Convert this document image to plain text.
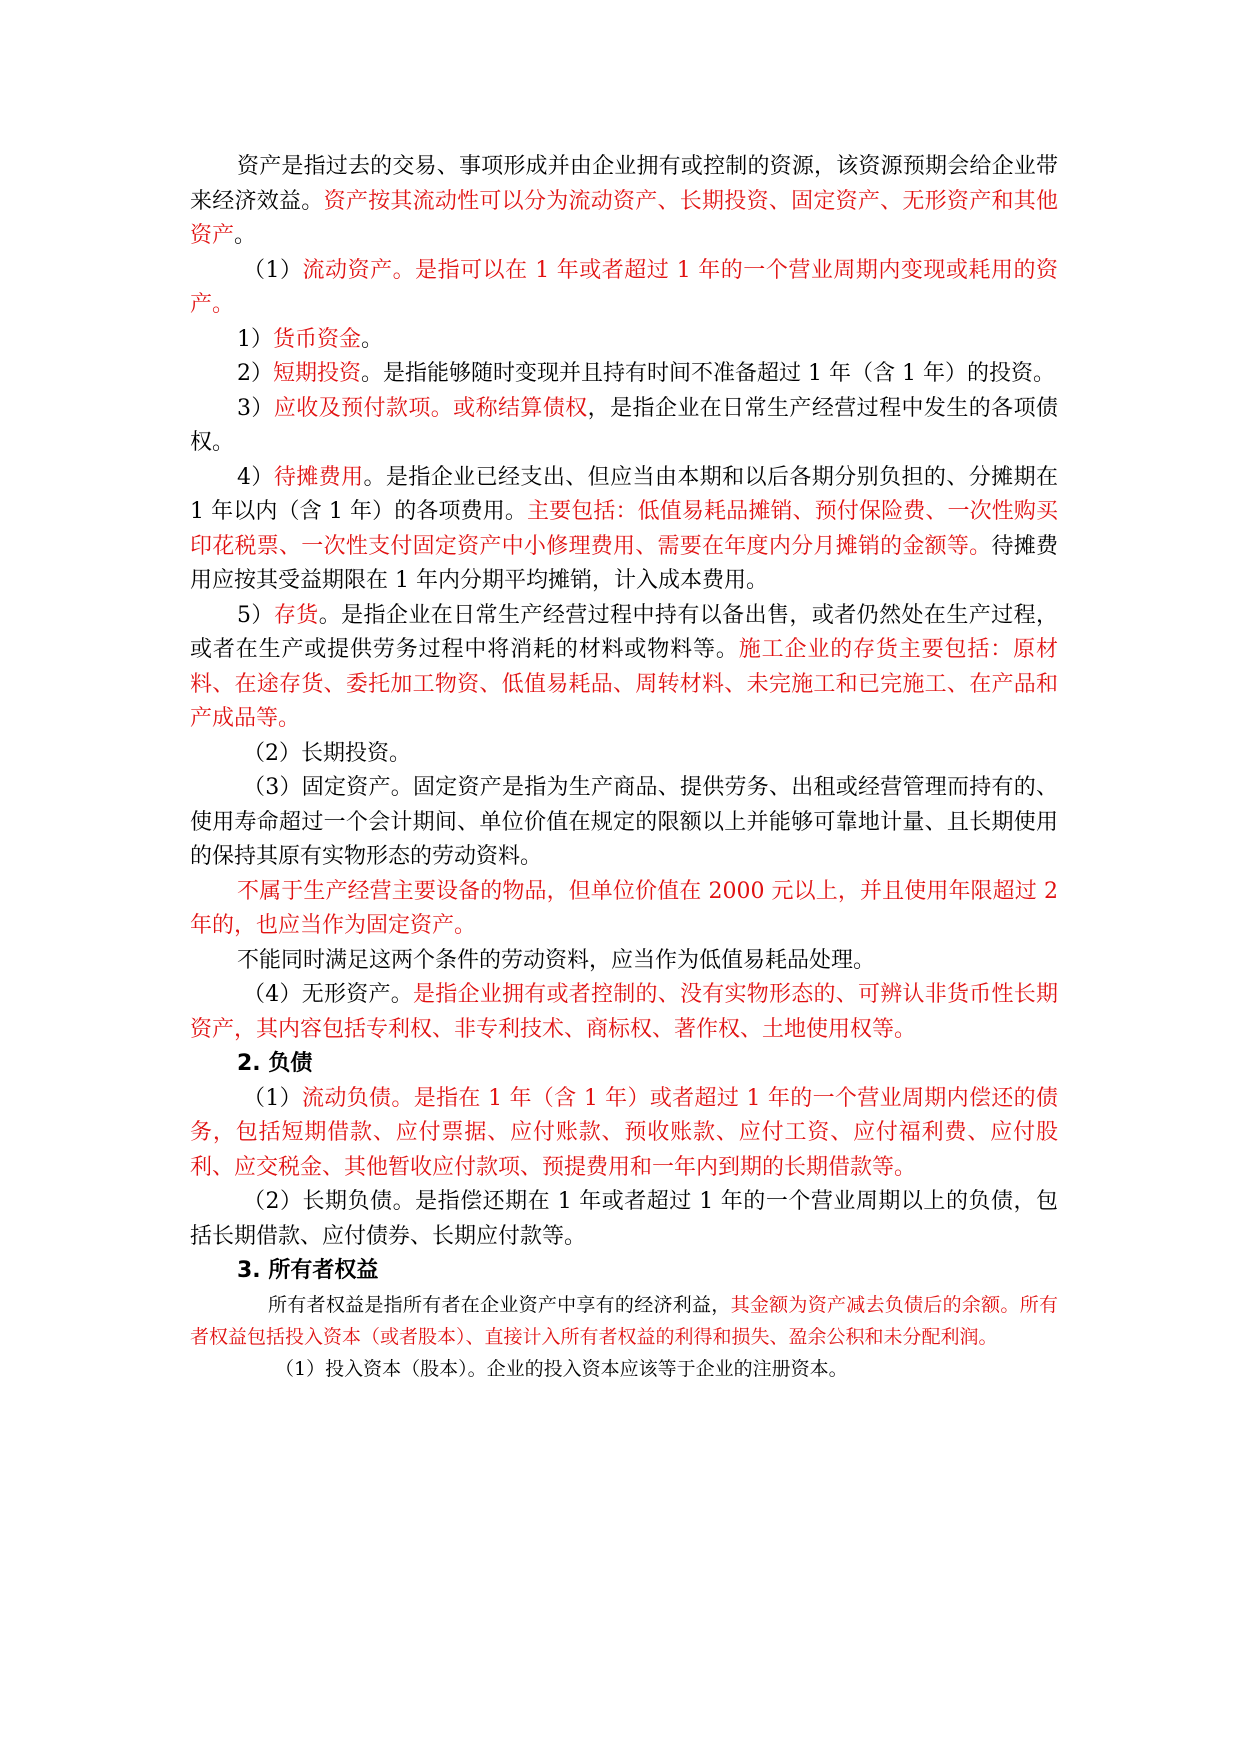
资产是指过去的交易、事项形成并由企业拥有或控制的资源，该资源预期会给企业带来经济效益。资产按其流动性可以分为流动资产、长期投资、固定资产、无形资产和其他资产。

（1）流动资产。是指可以在 1 年或者超过 1 年的一个营业周期内变现或耗用的资产。

1）货币资金。

2）短期投资。是指能够随时变现并且持有时间不准备超过 1 年（含 1 年）的投资。

3）应收及预付款项。或称结算债权，是指企业在日常生产经营过程中发生的各项债权。

4）待摊费用。是指企业已经支出、但应当由本期和以后各期分别负担的、分摊期在 1 年以内（含 1 年）的各项费用。主要包括：低值易耗品摊销、预付保险费、一次性购买印花税票、一次性支付固定资产中小修理费用、需要在年度内分月摊销的金额等。待摊费用应按其受益期限在 1 年内分期平均摊销，计入成本费用。

5）存货。是指企业在日常生产经营过程中持有以备出售，或者仍然处在生产过程，或者在生产或提供劳务过程中将消耗的材料或物料等。施工企业的存货主要包括：原材料、在途存货、委托加工物资、低值易耗品、周转材料、未完施工和已完施工、在产品和产成品等。

（2）长期投资。

（3）固定资产。固定资产是指为生产商品、提供劳务、出租或经营管理而持有的、使用寿命超过一个会计期间、单位价值在规定的限额以上并能够可靠地计量、且长期使用的保持其原有实物形态的劳动资料。

不属于生产经营主要设备的物品，但单位价值在 2000 元以上，并且使用年限超过 2 年的，也应当作为固定资产。

不能同时满足这两个条件的劳动资料，应当作为低值易耗品处理。

（4）无形资产。是指企业拥有或者控制的、没有实物形态的、可辨认非货币性长期资产，其内容包括专利权、非专利技术、商标权、著作权、土地使用权等。

2. 负债

（1）流动负债。是指在 1 年（含 1 年）或者超过 1 年的一个营业周期内偿还的债务，包括短期借款、应付票据、应付账款、预收账款、应付工资、应付福利费、应付股利、应交税金、其他暂收应付款项、预提费用和一年内到期的长期借款等。

（2）长期负债。是指偿还期在 1 年或者超过 1 年的一个营业周期以上的负债，包括长期借款、应付债券、长期应付款等。

3. 所有者权益

所有者权益是指所有者在企业资产中享有的经济利益，其金额为资产减去负债后的余额。所有者权益包括投入资本（或者股本）、直接计入所有者权益的利得和损失、盈余公积和未分配利润。

（1）投入资本（股本）。企业的投入资本应该等于企业的注册资本。
